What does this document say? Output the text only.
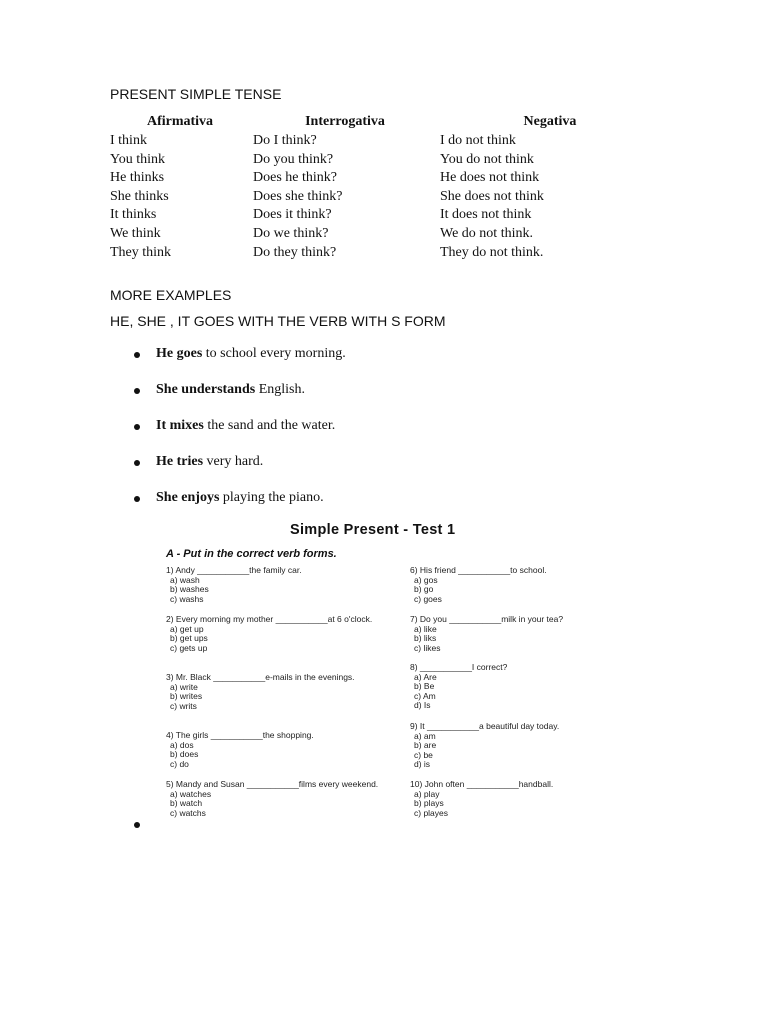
PRESENT SIMPLE TENSE
Afirmativa	Interrogativa	Negativa
I think
You think
He thinks
She thinks
It thinks
We think
They think
Do I think?
Do you think?
Does he think?
Does she think?
Does it think?
Do we think?
Do they think?
I do not think
You do not think
He does not think
She does not think
It does not think
We do not think.
They do not think.
MORE EXAMPLES
HE, SHE , IT GOES WITH THE VERB WITH S FORM
He goes to school every morning.
She understands English.
It mixes the sand and the water.
He tries very hard.
She enjoys playing the piano.
Simple Present - Test 1
A - Put in the correct verb forms.
1) Andy ___________the family car.
a) wash
b) washes
c) washs
2) Every morning my mother ___________at 6 o'clock.
a) get up
b) get ups
c) gets up
3) Mr. Black ___________e-mails in the evenings.
a) write
b) writes
c) writs
4) The girls ___________the shopping.
a) dos
b) does
c) do
5) Mandy and Susan ___________films every weekend.
a) watches
b) watch
c) watchs
6) His friend ___________to school.
a) gos
b) go
c) goes
7) Do you ___________milk in your tea?
a) like
b) liks
c) likes
8) ___________I correct?
a) Are
b) Be
c) Am
d) Is
9) It ___________a beautiful day today.
a) am
b) are
c) be
d) is
10) John often ___________handball.
a) play
b) plays
c) playes
